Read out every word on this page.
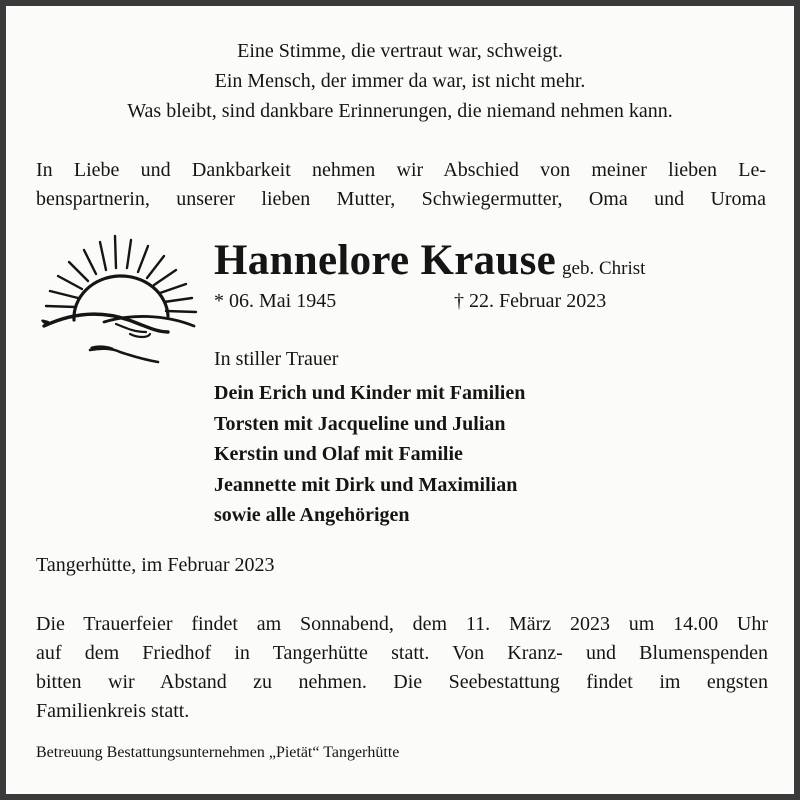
Eine Stimme, die vertraut war, schweigt.
Ein Mensch, der immer da war, ist nicht mehr.
Was bleibt, sind dankbare Erinnerungen, die niemand nehmen kann.
In Liebe und Dankbarkeit nehmen wir Abschied von meiner lieben Le-
benspartnerin, unserer lieben Mutter, Schwiegermutter, Oma und Uroma
Hannelore Krause geb. Christ
* 06. Mai 1945	† 22. Februar 2023
In stiller Trauer
Dein Erich und Kinder mit Familien
Torsten mit Jacqueline und Julian
Kerstin und Olaf mit Familie
Jeannette mit Dirk und Maximilian
sowie alle Angehörigen
Tangerhütte, im Februar 2023
Die Trauerfeier findet am Sonnabend, dem 11. März 2023 um 14.00 Uhr
auf dem Friedhof in Tangerhütte statt. Von Kranz- und Blumenspenden
bitten wir Abstand zu nehmen. Die Seebestattung findet im engsten
Familienkreis statt.
Betreuung Bestattungsunternehmen „Pietät“ Tangerhütte
